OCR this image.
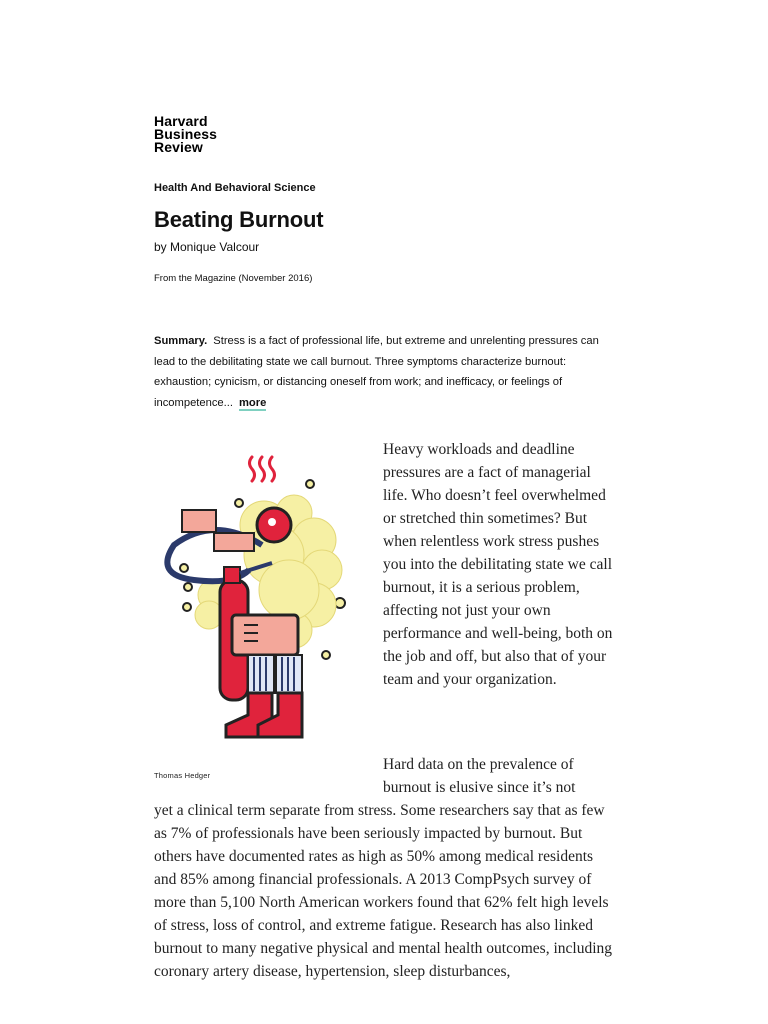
Harvard
Business
Review
Health And Behavioral Science
Beating Burnout
by Monique Valcour
From the Magazine (November 2016)
Summary. Stress is a fact of professional life, but extreme and unrelenting pressures can lead to the debilitating state we call burnout. Three symptoms characterize burnout: exhaustion; cynicism, or distancing oneself from work; and inefficacy, or feelings of incompetence... more
Thomas Hedger

Heavy workloads and deadline pressures are a fact of managerial life. Who doesn’t feel overwhelmed or stretched thin sometimes? But when relentless work stress pushes you into the debilitating state we call burnout, it is a serious problem, affecting not just your own performance and well-being, both on the job and off, but also that of your team and your organization.

Hard data on the prevalence of burnout is elusive since it’s not

yet a clinical term separate from stress. Some researchers say that as few as 7% of professionals have been seriously impacted by burnout. But others have documented rates as high as 50% among medical residents and 85% among financial professionals. A 2013 CompPsych survey of more than 5,100 North American workers found that 62% felt high levels of stress, loss of control, and extreme fatigue. Research has also linked burnout to many negative physical and mental health outcomes, including coronary artery disease, hypertension, sleep disturbances,
